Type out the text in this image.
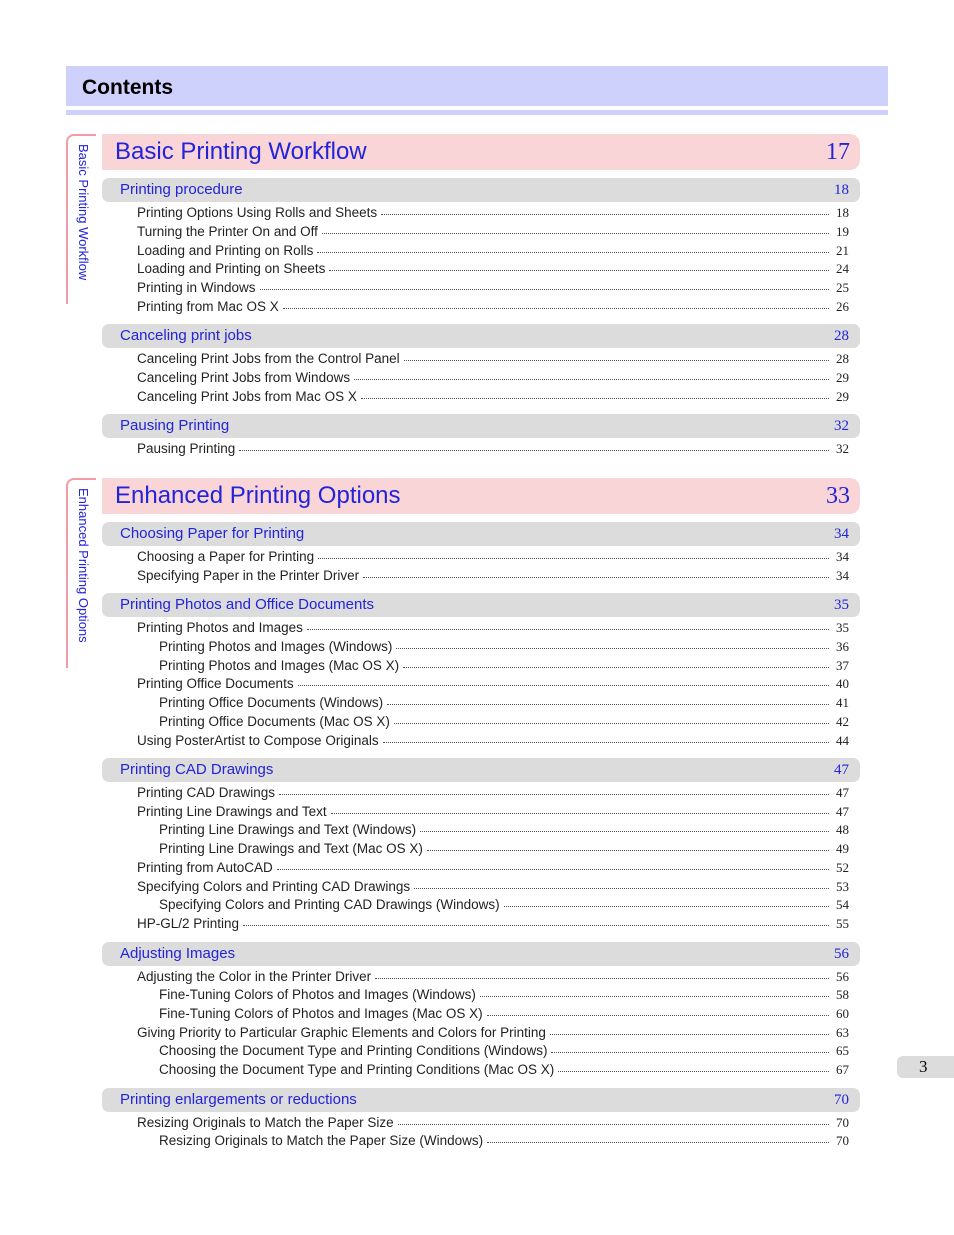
Contents
Basic Printing Workflow Basic Printing Workflow	17
Printing procedure	18
Printing Options Using Rolls and Sheets	18
Turning the Printer On and Off	19
Loading and Printing on Rolls	21
Loading and Printing on Sheets	24
Printing in Windows	25
Printing from Mac OS X	26
Canceling print jobs	28
Canceling Print Jobs from the Control Panel	28
Canceling Print Jobs from Windows	29
Canceling Print Jobs from Mac OS X	29
Pausing Printing	32
Pausing Printing	32
Enhanced Printing Options Enhanced Printing Options	33
Choosing Paper for Printing	34
Choosing a Paper for Printing	34
Specifying Paper in the Printer Driver	34
Printing Photos and Office Documents	35
Printing Photos and Images	35
Printing Photos and Images (Windows)	36
Printing Photos and Images (Mac OS X)	37
Printing Office Documents	40
Printing Office Documents (Windows)	41
Printing Office Documents (Mac OS X)	42
Using PosterArtist to Compose Originals	44
Printing CAD Drawings	47
Printing CAD Drawings	47
Printing Line Drawings and Text	47
Printing Line Drawings and Text (Windows)	48
Printing Line Drawings and Text (Mac OS X)	49
Printing from AutoCAD	52
Specifying Colors and Printing CAD Drawings	53
Specifying Colors and Printing CAD Drawings (Windows)	54
HP-GL/2 Printing	55
Adjusting Images	56
Adjusting the Color in the Printer Driver	56
Fine-Tuning Colors of Photos and Images (Windows)	58
Fine-Tuning Colors of Photos and Images (Mac OS X)	60
Giving Priority to Particular Graphic Elements and Colors for Printing	63
Choosing the Document Type and Printing Conditions (Windows)	65
Choosing the Document Type and Printing Conditions (Mac OS X)	67
Printing enlargements or reductions	70
Resizing Originals to Match the Paper Size	70
Resizing Originals to Match the Paper Size (Windows)	70
3
